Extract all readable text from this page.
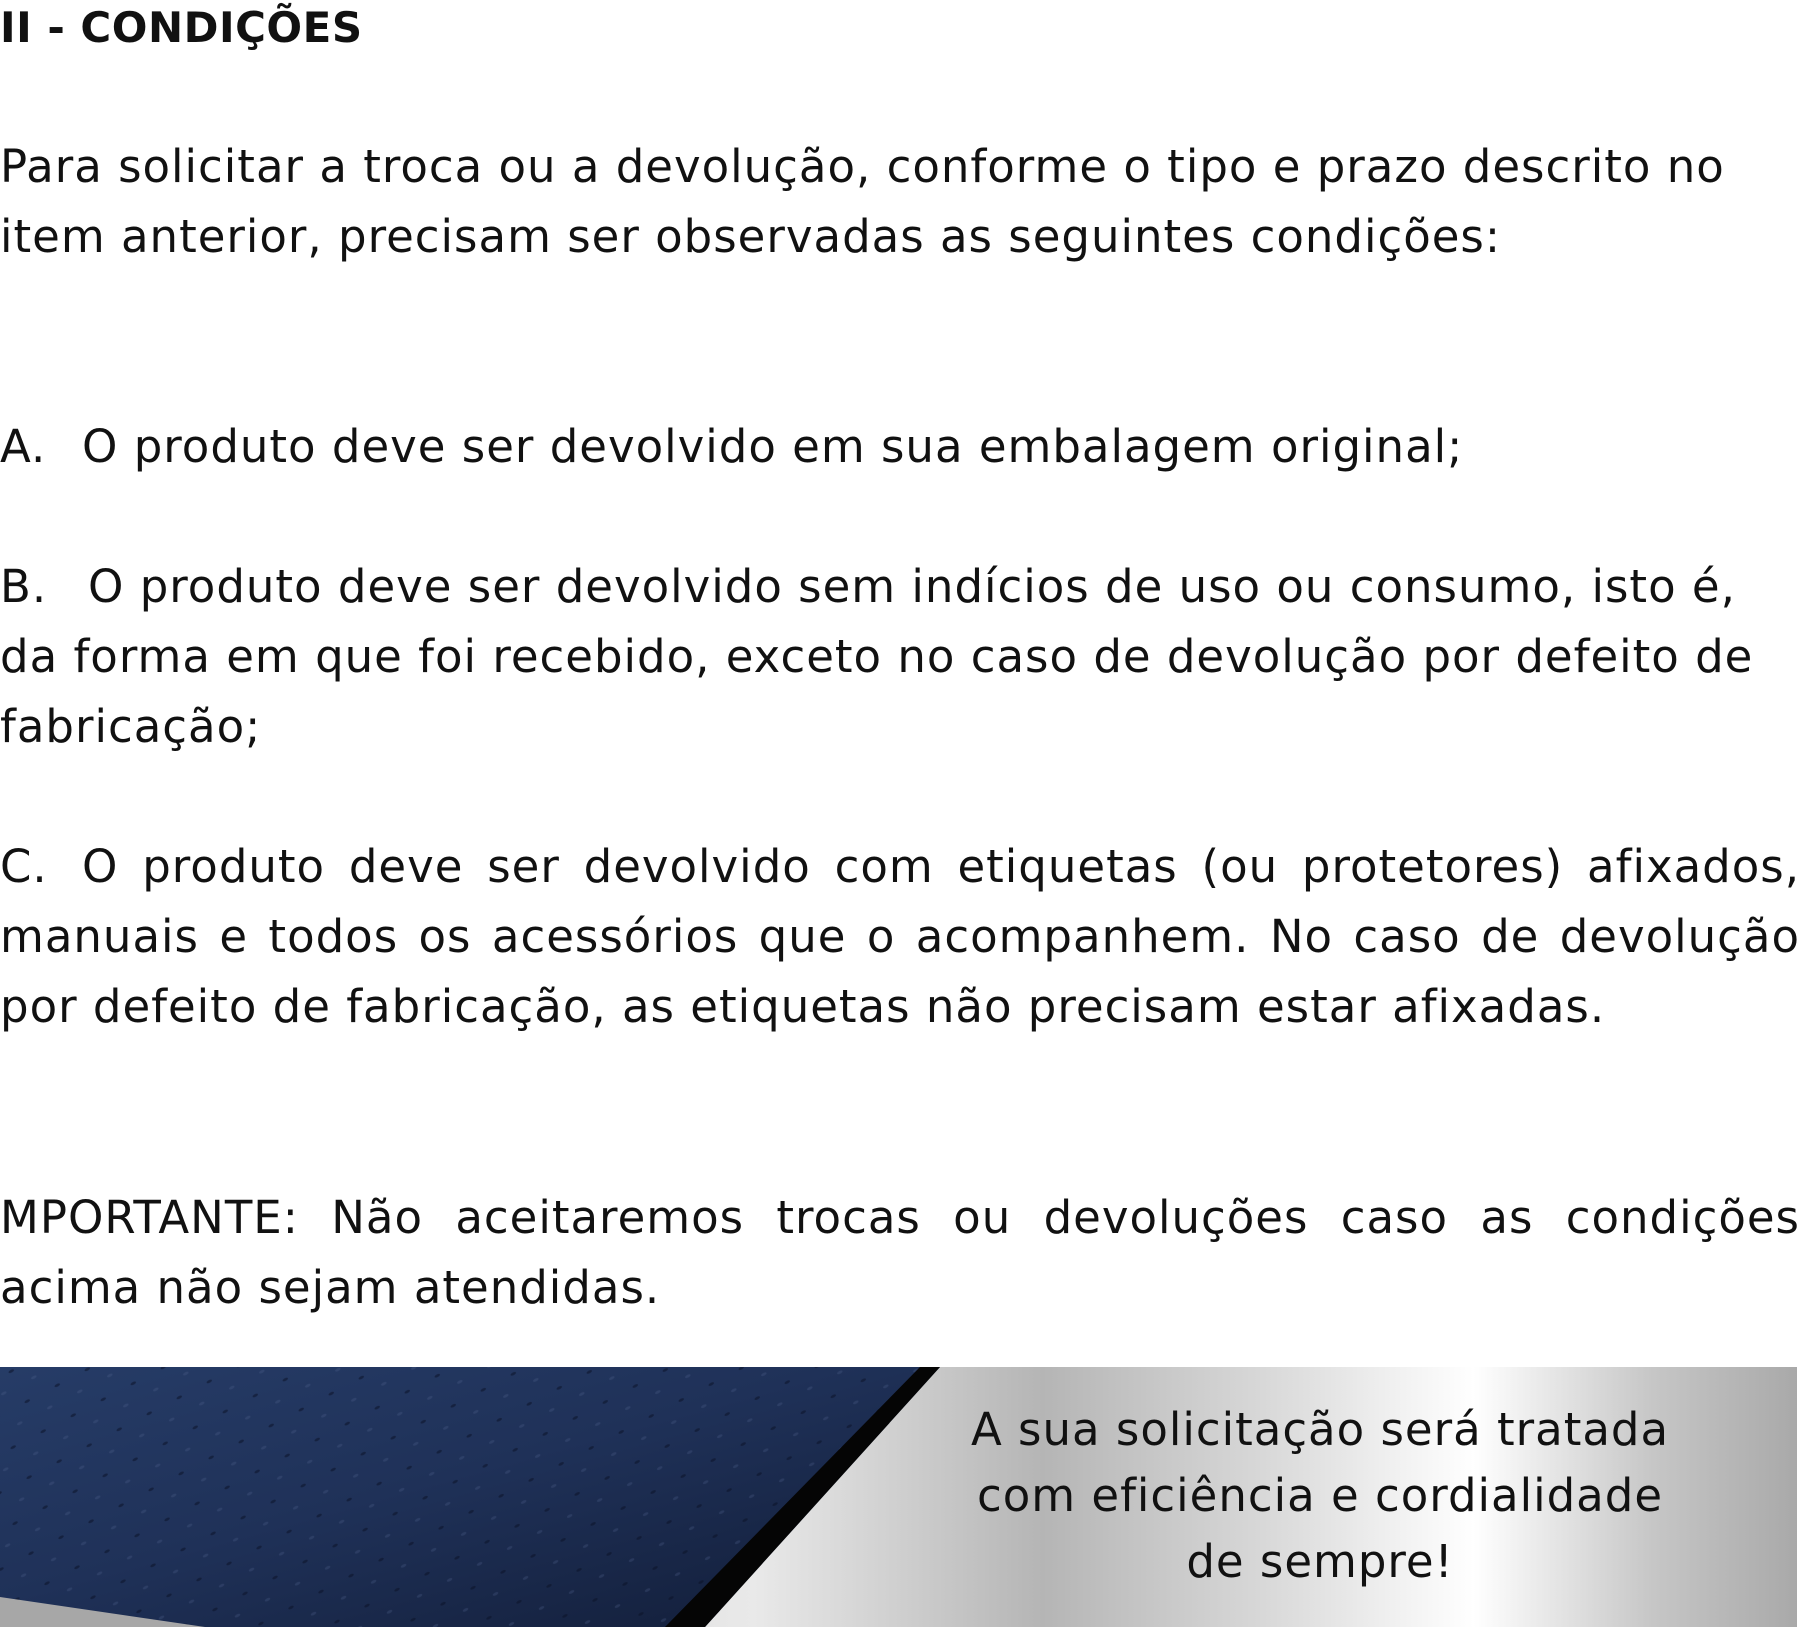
II - CONDIÇÕES

Para solicitar a troca ou a devolução, conforme o tipo e prazo descrito no item anterior, precisam ser observadas as seguintes condições:

A. O produto deve ser devolvido em sua embalagem original;

B. O produto deve ser devolvido sem indícios de uso ou consumo, isto é, da forma em que foi recebido, exceto no caso de devolução por defeito de fabricação;

C. O produto deve ser devolvido com etiquetas (ou protetores) afixados, manuais e todos os acessórios que o acompanhem. No caso de devolução por defeito de fabricação, as etiquetas não precisam estar afixadas.

MPORTANTE: Não aceitaremos trocas ou devoluções caso as condições acima não sejam atendidas.

A sua solicitação será tratada
com eficiência e cordialidade
de sempre!
